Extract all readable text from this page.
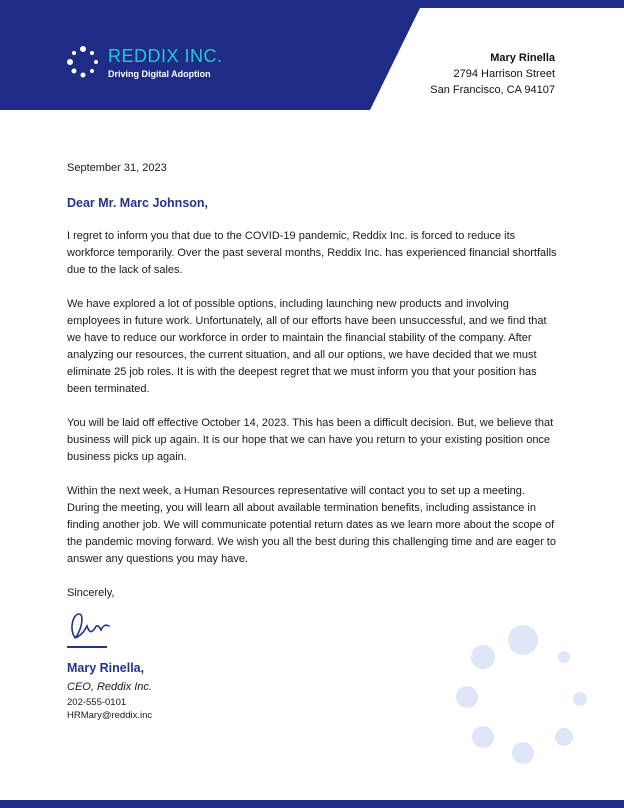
REDDIX INC.
Driving Digital Adoption
Mary Rinella
2794 Harrison Street
San Francisco, CA 94107

September 31, 2023

Dear Mr. Marc Johnson,

I regret to inform you that due to the COVID-19 pandemic, Reddix Inc. is forced to reduce its workforce temporarily. Over the past several months, Reddix Inc. has experienced financial shortfalls due to the lack of sales.

We have explored a lot of possible options, including launching new products and involving employees in future work. Unfortunately, all of our efforts have been unsuccessful, and we find that we have to reduce our workforce in order to maintain the financial stability of the company. After analyzing our resources, the current situation, and all our options, we have decided that we must eliminate 25 job roles. It is with the deepest regret that we must inform you that your position has been terminated.

You will be laid off effective October 14, 2023. This has been a difficult decision. But, we believe that business will pick up again. It is our hope that we can have you return to your existing position once business picks up again.

Within the next week, a Human Resources representative will contact you to set up a meeting. During the meeting, you will learn all about available termination benefits, including assistance in finding another job. We will communicate potential return dates as we learn more about the scope of the pandemic moving forward. We wish you all the best during this challenging time and are eager to answer any questions you may have.

Sincerely,

Mary Rinella,
CEO, Reddix Inc.
202-555-0101
HRMary@reddix.inc
